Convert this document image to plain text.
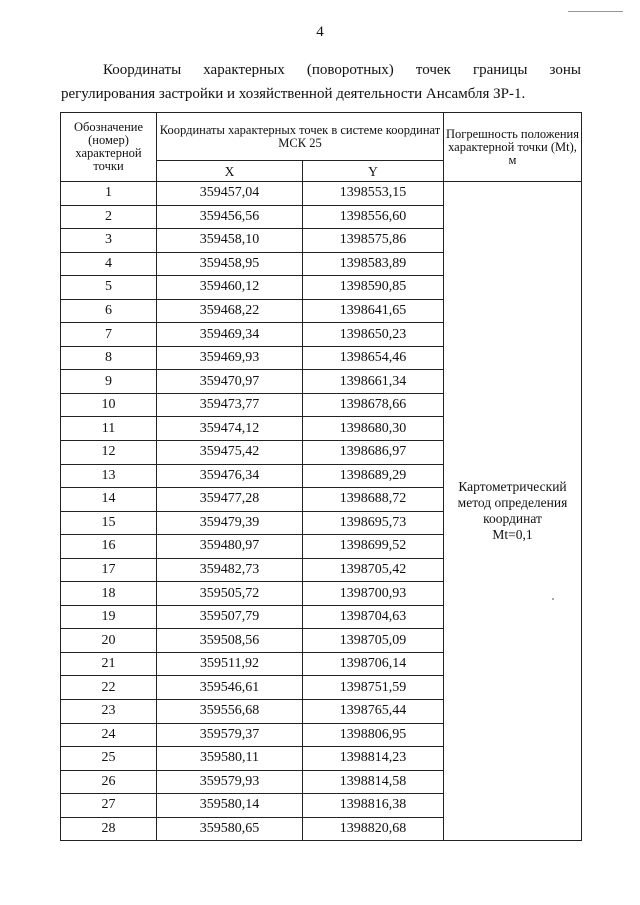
4
Координаты характерных (поворотных) точек границы зоны
регулирования застройки и хозяйственной деятельности Ансамбля ЗР-1.
Обозначение (номер) характерной точки	Координаты характерных точек в системе координат МСК 25		Погрешность положения характерной точки (Mt), м
	X	Y	
1	359457,04	1398553,15	Картометрический
метод определения
координат
Mt=0,1

2	359456,56	1398556,60	
3	359458,10	1398575,86	
4	359458,95	1398583,89	
5	359460,12	1398590,85	
6	359468,22	1398641,65	
7	359469,34	1398650,23	
8	359469,93	1398654,46	
9	359470,97	1398661,34	
10	359473,77	1398678,66	
11	359474,12	1398680,30	
12	359475,42	1398686,97	
13	359476,34	1398689,29	
14	359477,28	1398688,72	
15	359479,39	1398695,73	
16	359480,97	1398699,52	
17	359482,73	1398705,42	
18	359505,72	1398700,93	
19	359507,79	1398704,63	
20	359508,56	1398705,09	
21	359511,92	1398706,14	
22	359546,61	1398751,59	
23	359556,68	1398765,44	
24	359579,37	1398806,95	
25	359580,11	1398814,23	
26	359579,93	1398814,58	
27	359580,14	1398816,38	
28	359580,65	1398820,68	
